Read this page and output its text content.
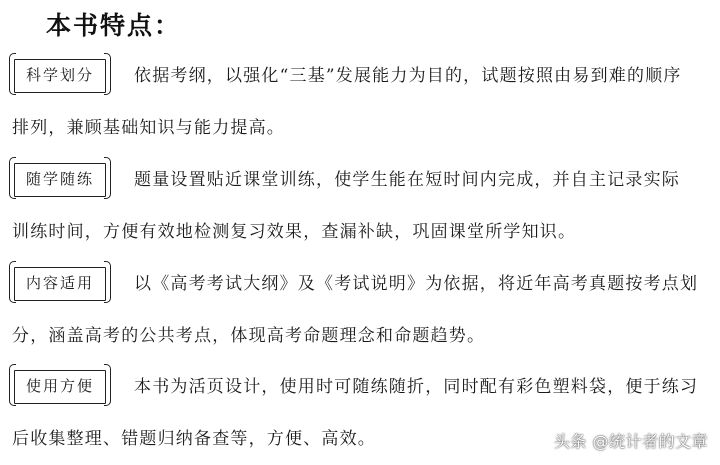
本书特点：
科学划分	依据考纲，以强化“三基”发展能力为目的，试题按照由易到难的顺序
排列，兼顾基础知识与能力提高。
随学随练	题量设置贴近课堂训练，使学生能在短时间内完成，并自主记录实际
训练时间，方便有效地检测复习效果，查漏补缺，巩固课堂所学知识。
内容适用	以《高考考试大纲》及《考试说明》为依据，将近年高考真题按考点划
分，涵盖高考的公共考点，体现高考命题理念和命题趋势。
使用方便	本书为活页设计，使用时可随练随折，同时配有彩色塑料袋，便于练习
后收集整理、错题归纳备查等，方便、高效。	头条 @统计者的文章
